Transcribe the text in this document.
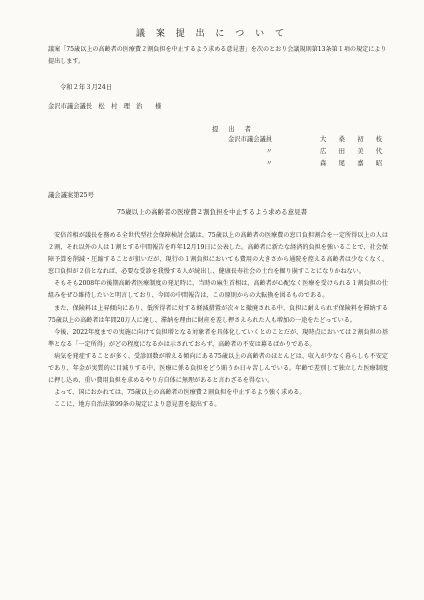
議 案 提 出 に つ い て
議案「75歳以上の高齢者の医療費２割負担を中止するよう求める意見書」を次のとおり会議規則第13条第１項の規定により提出します。
令和２年３月24日
金沢市議会議長　松　村　理　治　　様
提 出 者
金沢市議会議員	大　桑　初　枝
〃	広　田　美　代
〃	森　尾　嘉　昭
議会議案第25号
75歳以上の高齢者の医療費２割負担を中止するよう求める意見書

安倍首相が議長を務める全世代型社会保障検討会議は、75歳以上の高齢者の医療費の窓口負担割合を一定所得以上の人は２割、それ以外の人は１割とする中間報告を昨年12月19日に公表した。高齢者に新たな経済的負担を強いることで、社会保障予算を削減・圧縮することが狙いだが、現行の１割負担においても費用の大きさから通院を控える高齢者は少なくなく、窓口負担が２倍となれば、必要な受診を我慢する人が続出し、健康長寿社会の土台を掘り崩すことになりかねない。

そもそも2008年の後期高齢者医療制度の発足時に、当時の麻生首相は、高齢者が心配なく医療を受けられる１割負担の仕組みをぜひ維持したいと明言しており、今回の中間報告は、この原則からの大転換を図るものである。

また、保険料は上昇傾向にあり、低所得者に対する軽減措置が次々と撤廃される中、負担に耐えられず保険料を滞納する75歳以上の高齢者は年間20万人に達し、滞納を理由に財産を差し押さえられた人も増加の一途をたどっている。

今後、2022年度までの実施に向けて負担増となる対象者を具体化していくとのことだが、現時点においては２割負担の基準となる「一定所得」がどの程度になるかは示されておらず、高齢者の不安は募るばかりである。

病気を発症することが多く、受診回数が増える傾向にある75歳以上の高齢者のほとんどは、収入が少なく暮らしも不安定であり、年金が実質的に目減りする中、医療に係る負担をどう賄うか日々苦しんでいる。年齢で差別して独立した医療制度に押し込め、重い費用負担を求めるやり方自体に無理があると言わざるを得ない。

よって、国におかれては、75歳以上の高齢者の医療費２割負担を中止するよう強く求める。

ここに、地方自治法第99条の規定により意見書を提出する。
